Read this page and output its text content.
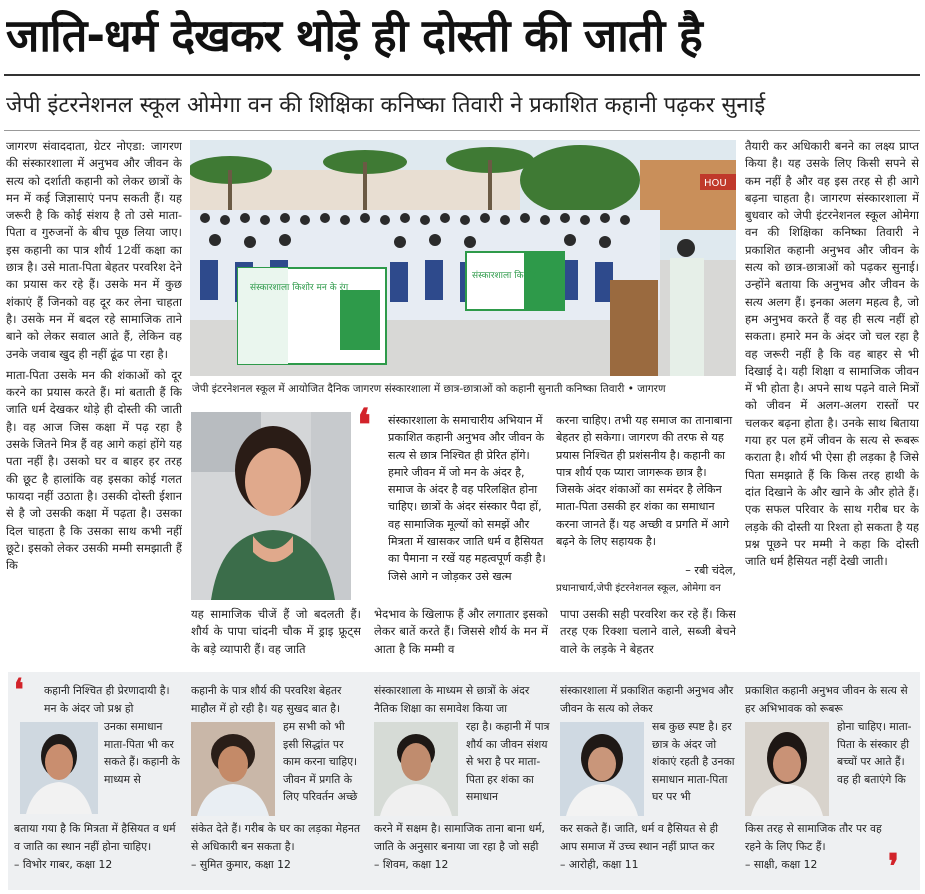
जाति-धर्म देखकर थोड़े ही दोस्ती की जाती है
जेपी इंटरनेशनल स्कूल ओमेगा वन की शिक्षिका कनिष्का तिवारी ने प्रकाशित कहानी पढ़कर सुनाई

जागरण संवाददाता, ग्रेटर नोएडा: जागरण की संस्कारशाला में अनुभव और जीवन के सत्य को दर्शाती कहानी को लेकर छात्रों के मन में कई जिज्ञासाएं पनप सकती हैं। यह जरूरी है कि कोई संशय है तो उसे माता-पिता व गुरुजनों के बीच पूछ लिया जाए। इस कहानी का पात्र शौर्य 12वीं कक्षा का छात्र है। उसे माता-पिता बेहतर परवरिश देने का प्रयास कर रहे हैं। उसके मन में कुछ शंकाएं हैं जिनको वह दूर कर लेना चाहता है। उसके मन में बदल रहे सामाजिक ताने बाने को लेकर सवाल आते हैं, लेकिन वह उनके जवाब खुद ही नहीं ढूंढ पा रहा है।

माता-पिता उसके मन की शंकाओं को दूर करने का प्रयास करते हैं। मां बताती हैं कि जाति धर्म देखकर थोड़े ही दोस्ती की जाती है। वह आज जिस कक्षा में पढ़ रहा है उसके जितने मित्र हैं वह आगे कहां होंगे यह पता नहीं है। उसको घर व बाहर हर तरह की छूट है हालांकि वह इसका कोई गलत फायदा नहीं उठाता है। उसकी दोस्ती ईशान से है जो उसकी कक्षा में पढ़ता है। उसका दिल चाहता है कि उसका साथ कभी नहीं छूटे। इसको लेकर उसकी मम्मी समझाती हैं कि

HOU
संस्कारशाला किशोर मन के रंग
संस्कारशाला किशोर
जेपी इंटरनेशनल स्कूल में आयोजित दैनिक जागरण संस्कारशाला में छात्र-छात्राओं को कहानी सुनाती कनिष्का तिवारी • जागरण
❛ संस्कारशाला के समाचारीय अभियान में प्रकाशित कहानी अनुभव और जीवन के सत्य से छात्र निश्चित ही प्रेरित होंगे। हमारे जीवन में जो मन के अंदर है, समाज के अंदर है वह परिलक्षित होना चाहिए। छात्रों के अंदर संस्कार पैदा हों, वह सामाजिक मूल्यों को समझें और मित्रता में खासकर जाति धर्म व हैसियत का पैमाना न रखें यह महत्वपूर्ण कड़ी है। जिसे आगे न जोड़कर उसे खत्म
करना चाहिए। तभी यह समाज का तानाबाना बेहतर हो सकेगा। जागरण की तरफ से यह प्रयास निश्चित ही प्रशंसनीय है। कहानी का पात्र शौर्य एक प्यारा जागरूक छात्र है। जिसके अंदर शंकाओं का समंदर है लेकिन माता-पिता उसकी हर शंका का समाधान करना जानते हैं। यह अच्छी व प्रगति में आगे बढ़ने के लिए सहायक है।
– रबी चंदेल,
प्रधानाचार्य,जेपी इंटरनेशनल स्कूल, ओमेगा वन
यह सामाजिक चीजें हैं जो बदलती हैं। शौर्य के पापा चांदनी चौक में ड्राइ फ्रूट्स के बड़े व्यापारी हैं। वह जाति
भेदभाव के खिलाफ हैं और लगातार इसको लेकर बातें करते हैं। जिससे शौर्य के मन में आता है कि मम्मी व
पापा उसकी सही परवरिश कर रहे हैं। किस तरह एक रिक्शा चलाने वाले, सब्जी बेचने वाले के लड़के ने बेहतर

तैयारी कर अधिकारी बनने का लक्ष्य प्राप्त किया है। यह उसके लिए किसी सपने से कम नहीं है और वह इस तरह से ही आगे बढ़ना चाहता है। जागरण संस्कारशाला में बुधवार को जेपी इंटरनेशनल स्कूल ओमेगा वन की शिक्षिका कनिष्का तिवारी ने प्रकाशित कहानी अनुभव और जीवन के सत्य को छात्र-छात्राओं को पढ़कर सुनाई। उन्होंने बताया कि अनुभव और जीवन के सत्य अलग हैं। इनका अलग महत्व है, जो हम अनुभव करते हैं वह ही सत्य नहीं हो सकता। हमारे मन के अंदर जो चल रहा है वह जरूरी नहीं है कि वह बाहर से भी दिखाई दे। यही शिक्षा व सामाजिक जीवन में भी होता है। अपने साथ पढ़ने वाले मित्रों को जीवन में अलग-अलग रास्तों पर चलकर बढ़ना होता है। उनके साथ बिताया गया हर पल हमें जीवन के सत्य से रूबरू कराता है। शौर्य भी ऐसा ही लड़का है जिसे पिता समझाते हैं कि किस तरह हाथी के दांत दिखाने के और खाने के और होते हैं। एक सफल परिवार के साथ गरीब घर के लड़के की दोस्ती या रिश्ता हो सकता है यह प्रश्न पूछने पर मम्मी ने कहा कि दोस्ती जाति धर्म हैसियत नहीं देखी जाती।

❛
❜
कहानी निश्चित ही प्रेरणादायी है। मन के अंदर जो प्रश्न हो
उनका समाधान माता-पिता भी कर सकते हैं। कहानी के माध्यम से
बताया गया है कि मित्रता में हैसियत व धर्म व जाति का स्थान नहीं होना चाहिए।
– विभोर गाबर, कक्षा 12
कहानी के पात्र शौर्य की परवरिश बेहतर माहौल में हो रही है। यह सुखद बात है।
हम सभी को भी इसी सिद्धांत पर काम करना चाहिए। जीवन में प्रगति के लिए परिवर्तन अच्छे
संकेत देते हैं। गरीब के घर का लड़का मेहनत से अधिकारी बन सकता है।
– सुमित कुमार, कक्षा 12
संस्कारशाला के माध्यम से छात्रों के अंदर नैतिक शिक्षा का समावेश किया जा
रहा है। कहानी में पात्र शौर्य का जीवन संशय से भरा है पर माता-पिता हर शंका का समाधान
करने में सक्षम है। सामाजिक ताना बाना धर्म, जाति के अनुसार बनाया जा रहा है जो सही
– शिवम, कक्षा 12
संस्कारशाला में प्रकाशित कहानी अनुभव और जीवन के सत्य को लेकर
सब कुछ स्पष्ट है। हर छात्र के अंदर जो शंकाएं रहती है उनका समाधान माता-पिता घर पर भी
कर सकते हैं। जाति, धर्म व हैसियत से ही आप समाज में उच्च स्थान नहीं प्राप्त कर
– आरोही, कक्षा 11
प्रकाशित कहानी अनुभव जीवन के सत्य से हर अभिभावक को रूबरू
होना चाहिए। माता-पिता के संस्कार ही बच्चों पर आते हैं। वह ही बताएंगे कि
किस तरह से सामाजिक तौर पर वह रहने के लिए फिट हैं।
– साक्षी, कक्षा 12
